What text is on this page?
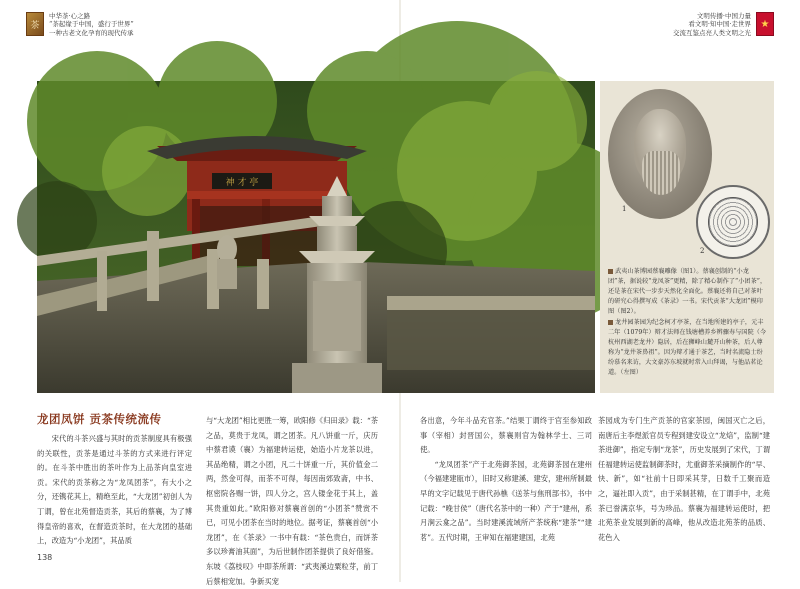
茶
中华茶·心之路
“茶起缘于中国，盛行于世界”
一种古老文化孕育的现代传承
文明传播·中国力量
看文明·知中国·走世界
交流互鉴点亮人类文明之光
★
神 才 亭
1
2

武夷山茶博园蔡襄雕像（图1）。蔡襄创制的“小龙团”茶，据说较“龙凤茶”更精，除了精心制作了“小团茶”，还是茶在宋代一步步天然化全面化。蔡襄还将自己对茶叶的研究心得撰写成《茶录》一书。宋代贡茶“大龙团”模印图（图2）。

龙井园茶园为纪念柯才亭茶，在当地所建的亭子，元丰二年（1079年）辩才法师在钱塘槽养乡辨骤寿与国院（今杭州西湖老龙井）隐居，后在狮峰山麓开山种茶，后人尊称为“龙井茶鼻祖”。因为辩才通于茶艺，当时名流隐士纷纷慕名来访，大文豪苏东坡就时常入山拜谒，与他品茗论道。（左图）

龙团凤饼 贡茶传统流传

宋代的斗茶兴盛与其时的贡茶制度具有极强的关联性，贡茶是通过斗茶的方式来进行评定的。在斗茶中胜出的茶叶作为上品茶向皇室进贡。宋代的贡茶称之为“龙凤团茶”，有大小之分，还镌花其上，精绝至此，“大龙团”初创人为丁谓，曾在北苑督造贡茶，其后的蔡襄，为了博得皇帝的喜欢，在督造贡茶时，在大龙团的基础上，改造为“小龙团”，其品质

与“大龙团”相比更胜一筹，欧阳修《归田录》载：“茶之品，莫贵于龙凤，谓之团茶。凡八饼重一斤，庆历中蔡君谟（襄）为福建转运使，始造小片龙茶以进，其品绝精，谓之小团，凡二十饼重一斤，其价值金二两，然金可得，而茶不可得，每因南郊致斋，中书、枢密院各赐一饼，四人分之，宫人镂金花于其上，盖其贵重如此。”欧阳修对蔡襄首创的“小团茶”赞赏不已，可见小团茶在当时的地位。据考证，蔡襄首创“小龙团”，在《茶录》一书中有载：“茶色贵白，而饼茶多以珍膏油其面”，为后世制作团茶提供了良好借鉴。东坡《荔枝叹》中即茶所谓：“武夷溪边粟粒芽，前丁后蔡相宠加。争新买宠

各出意，今年斗品充官茶。”结果丁谓终于官至参知政事（宰相）封晋国公，蔡襄则官为翰林学士、三司使。

“龙凤团茶”产于北苑御茶园，北苑御茶园在建州（今福建建瓯市），旧时又称建溪、建安，建州所制最早的文字记载见于唐代孙樵《送茶与焦刑部书》，书中记载：“晚甘侯”（唐代名茶中的一种）产于“建州，系月涧云龛之品”。当时建溪流域所产茶统称“建茶”“建茗”。五代时期，王审知在福建建国，北苑

茶园成为专门生产贡茶的官家茶园，闽国灭亡之后，南唐后主李煜派官员专程到建安设立“龙焙”，监制“建茶进御”，指定专制“龙茶”，历史发展到了宋代，丁谓任福建转运使监制御茶时，尤重御茶采摘制作的“早、快、新”，如“社前十日即采其芽，日数千工聚而造之，逼社即入贡”，由于采制甚精，在丁谓手中，北苑茶已誉满京华，号为珍品。蔡襄为福建转运使时，把北苑茶业发展到新的高峰，他从改造北苑茶的品质、花色入

138
